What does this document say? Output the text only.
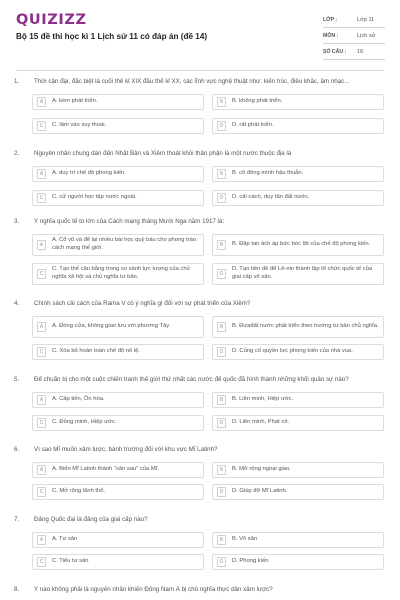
QUIZIZZ
Bộ 15 đề thi học kì 1 Lịch sử 11 có đáp án (đề 14)
LỚP :	Lớp 11
MÔN :	Lịch sử
SỐ CÂU :	16
1. Thời cận đại, đặc biệt là cuối thế kỉ XIX đầu thế kỉ XX, các lĩnh vực nghệ thuật như: kiến trúc, điêu khắc, âm nhạc...
A	A. kém phát triển.	B	B. không phát triển.
C	C. lâm vào suy thoái.	D	D. rất phát triển.
2. Nguyên nhân chung dẫn đến Nhật Bản và Xiêm thoát khỏi thân phận là một nước thuộc địa là
A	A. duy trì chế độ phong kiến.	B	B. cô đông mình hậu thuẫn.
C	C. cử người học tập nước ngoài.	D	D. cải cách, duy tân đất nước.
3. Ý nghĩa quốc tế to lớn của Cách mạng tháng Mười Nga năm 1917 là:
A
A. Cổ vũ và để lại nhiều bài học quý báu cho phong trào cách mạng thế giới.	B	B. Đập tan ách áp bức bóc lột của chế độ phong kiến.
C
C. Tạo thế cân bằng trong so sánh lực lượng của chủ nghĩa xã hội và chủ nghĩa tư bản.	D
D. Tạo tiền đề để Lê-nin thành lập tổ chức quốc tế của giai cấp vô sản.
4. Chính sách cải cách của Rama V có ý nghĩa gì đối với sự phát triển của Xiêm?
A	A. Đóng cửa, không giao lưu với phương Tây.	B	B. Đưađất nước phát triển theo hướng tư bản chủ nghĩa.
C	C. Xóa bỏ hoàn toàn chế độ nô lệ.	D	D. Củng cố quyền lực phong kiến của nhà vua.
5. Để chuẩn bị cho một cuộc chiến tranh thế giới thứ nhất các nước đế quốc đã hình thành những khối quân sự nào?
A	A. Cấp tiến, Ôn hòa.	B	B. Liên minh, Hiệp ước.
C	C. Đồng minh, Hiệp ước.	D	D. Liên minh, Phát xít.
6. Vì sao Mĩ muốn xâm lược, bành trướng đối với khu vực Mĩ Latinh?
A	A. Biến Mĩ Latinh thành "sân sau" của Mĩ.	B	B. Mở rộng ngoại giao.
C	C. Mở rộng lãnh thổ.	D	D. Giúp đỡ Mĩ Latinh.
7. Đảng Quốc đại là đảng của giai cấp nào?
A	A. Tư sản	B	B. Vô sản
C	C. Tiểu tư sản	D	D. Phong kiến
8. Ý nào không phải là nguyên nhân khiến Đông Nam Á bị chủ nghĩa thực dân xâm lược?
